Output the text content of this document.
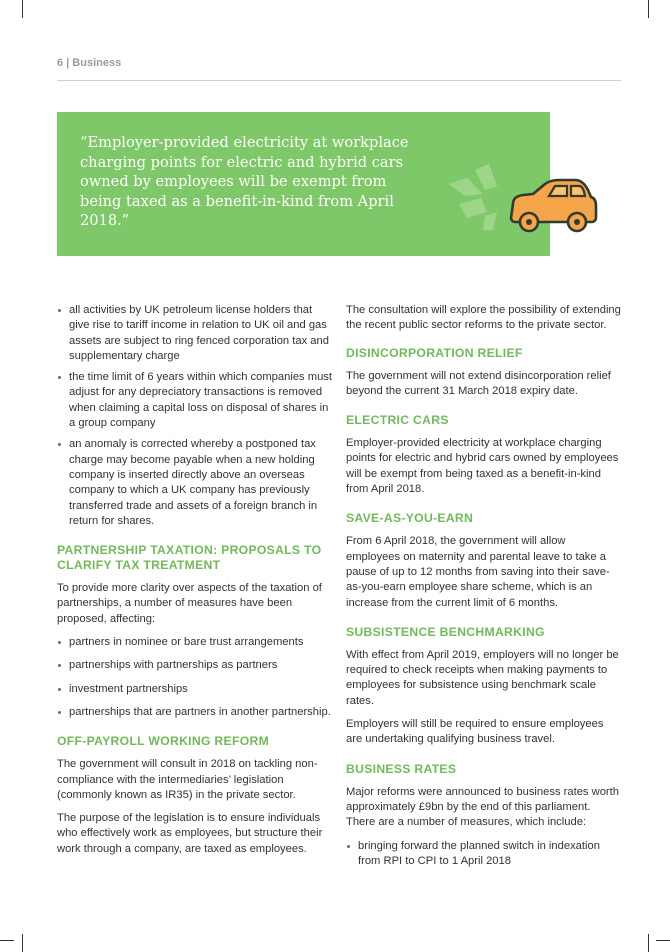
6 | Business
“Employer-provided electricity at workplace charging points for electric and hybrid cars owned by employees will be exempt from being taxed as a benefit-in-kind from April 2018.”
all activities by UK petroleum license holders that give rise to tariff income in relation to UK oil and gas assets are subject to ring fenced corporation tax and supplementary charge
the time limit of 6 years within which companies must adjust for any depreciatory transactions is removed when claiming a capital loss on disposal of shares in a group company
an anomaly is corrected whereby a postponed tax charge may become payable when a new holding company is inserted directly above an overseas company to which a UK company has previously transferred trade and assets of a foreign branch in return for shares.
PARTNERSHIP TAXATION: PROPOSALS TO CLARIFY TAX TREATMENT

To provide more clarity over aspects of the taxation of partnerships, a number of measures have been proposed, affecting:

partners in nominee or bare trust arrangements
partnerships with partnerships as partners
investment partnerships
partnerships that are partners in another partnership.
OFF-PAYROLL WORKING REFORM

The government will consult in 2018 on tackling non-compliance with the intermediaries’ legislation (commonly known as IR35) in the private sector.

The purpose of the legislation is to ensure individuals who effectively work as employees, but structure their work through a company, are taxed as employees.

The consultation will explore the possibility of extending the recent public sector reforms to the private sector.

DISINCORPORATION RELIEF

The government will not extend disincorporation relief beyond the current 31 March 2018 expiry date.

ELECTRIC CARS

Employer-provided electricity at workplace charging points for electric and hybrid cars owned by employees will be exempt from being taxed as a benefit-in-kind from April 2018.

SAVE-AS-YOU-EARN

From 6 April 2018, the government will allow employees on maternity and parental leave to take a pause of up to 12 months from saving into their save-as-you-earn employee share scheme, which is an increase from the current limit of 6 months.

SUBSISTENCE BENCHMARKING

With effect from April 2019, employers will no longer be required to check receipts when making payments to employees for subsistence using benchmark scale rates.

Employers will still be required to ensure employees are undertaking qualifying business travel.

BUSINESS RATES

Major reforms were announced to business rates worth approximately £9bn by the end of this parliament. There are a number of measures, which include:

bringing forward the planned switch in indexation from RPI to CPI to 1 April 2018
